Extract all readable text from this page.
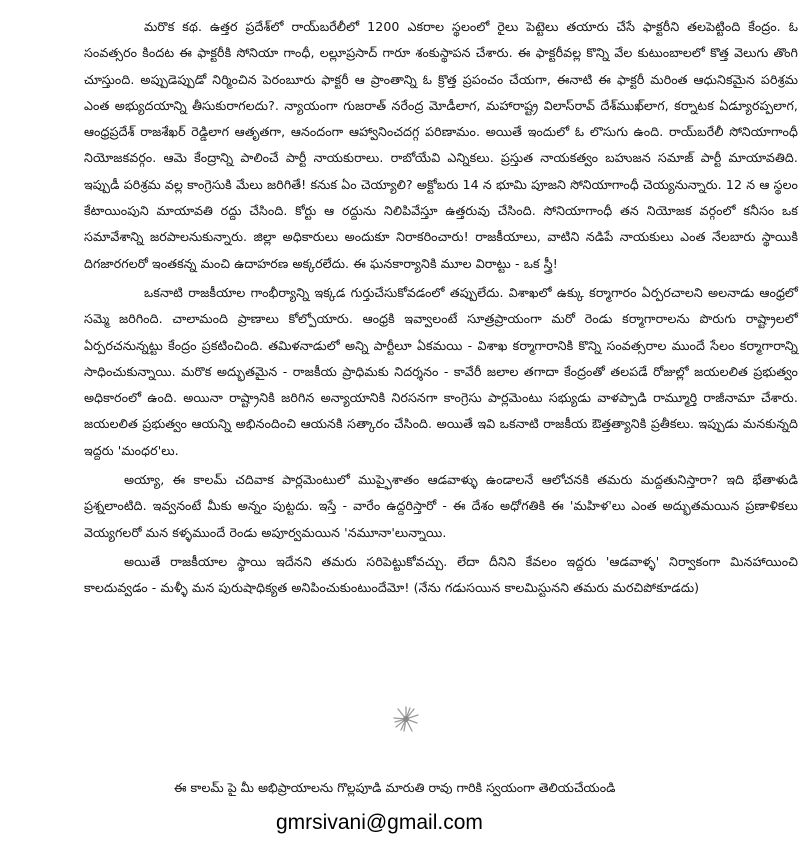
మరొక కథ. ఉత్తర ప్రదేశ్‌లో రాయ్‌బరేలీలో 1200 ఎకరాల స్థలంలో రైలు పెట్టెలు తయారు చేసే ఫాక్టరీని తలపెట్టింది కేంద్రం. ఓ సంవత్సరం కిందట ఈ ఫాక్టరీకి సోనియా గాంధీ, లల్లూప్రసాద్ గారూ శంకుస్థాపన చేశారు. ఈ ఫాక్టరీవల్ల కొన్ని వేల కుటుంబాలలో కొత్త వెలుగు తొంగి చూస్తుంది. అప్పుడెప్పుడో నిర్మించిన పెరంబూరు ఫాక్టరీ ఆ ప్రాంతాన్ని ఓ క్రొత్త ప్రపంచం చేయగా, ఈనాటి ఈ ఫాక్టరీ మరింత ఆధునికమైన పరిశ్రమ ఎంత అభ్యుదయాన్ని తీసుకురాగలదు?. న్యాయంగా గుజరాత్ నరేంద్ర మోడీలాగ, మహారాష్ట్ర విలాస్‌రావ్ దేశ్‌ముఖ్‌లాగ, కర్నాటక ఏడ్యూరప్పలాగ, ఆంధ్రప్రదేశ్ రాజశేఖర్ రెడ్డిలాగ ఆతృతగా, ఆనందంగా ఆహ్వానించదగ్గ పరిణామం. అయితే ఇందులో ఓ లొసుగు ఉంది. రాయ్‌బరేలీ సోనియాగాంధీ నియోజకవర్గం. ఆమె కేంద్రాన్ని పాలించే పార్టీ నాయకురాలు. రాబోయేవి ఎన్నికలు. ప్రస్తుత నాయకత్వం బహుజన సమాజ్ పార్టీ మాయావతిది. ఇప్పుడీ పరిశ్రమ వల్ల కాంగ్రెసుకి మేలు జరిగితే! కనుక ఏం చెయ్యాలి? అక్టోబరు 14 న భూమి పూజని సోనియాగాంధీ చెయ్యనున్నారు. 12 న ఆ స్థలం కేటాయింపుని మాయావతి రద్దు చేసింది. కోర్టు ఆ రద్దును నిలిపివేస్తూ ఉత్తరువు చేసింది. సోనియాగాంధీ తన నియోజక వర్గంలో కనీసం ఒక సమావేశాన్ని జరపాలనుకున్నారు. జిల్లా అధికారులు అందుకూ నిరాకరించారు! రాజకీయాలు, వాటిని నడిపే నాయకులు ఎంత నేలబారు స్థాయికి దిగజారగలరో ఇంతకన్న మంచి ఉదాహరణ అక్కరలేదు. ఈ ఘనకార్యానికి మూల విరాట్టు - ఒక స్త్రీ!

ఒకనాటి రాజకీయాల గాంభీర్యాన్ని ఇక్కడ గుర్తుచేసుకోవడంలో తప్పులేదు. విశాఖలో ఉక్కు కర్మాగారం ఏర్పరచాలని అలనాడు ఆంధ్రలో సమ్మె జరిగింది. చాలామంది ప్రాణాలు కోల్పోయారు. ఆంధ్రకి ఇవ్వాలంటే సూత్రప్రాయంగా మరో రెండు కర్మాగారాలను పొరుగు రాష్ట్రాలలో ఏర్పరచనున్నట్టు కేంద్రం ప్రకటించింది. తమిళనాడులో అన్ని పార్టీలూ ఏకమయి - విశాఖ కర్మాగారానికి కొన్ని సంవత్సరాల ముందే సేలం కర్మాగారాన్ని సాధించుకున్నాయి. మరొక అద్భుతమైన - రాజకీయ ప్రాధిమకు నిదర్శనం - కావేరీ జలాల తగాదా కేంద్రంతో తలపడే రోజుల్లో జయలలిత ప్రభుత్వం అధికారంలో ఉంది. అయినా రాష్ట్రానికి జరిగిన అన్యాయానికి నిరసనగా కాంగ్రెసు పార్లమెంటు సభ్యుడు వాళప్పాడి రామ్మూర్తి రాజీనామా చేశారు. జయలలిత ప్రభుత్వం ఆయన్ని అభినందించి ఆయనకి సత్కారం చేసింది. అయితే ఇవి ఒకనాటి రాజకీయ ఔత్తత్యానికి ప్రతీకలు. ఇప్పుడు మనకున్నది ఇద్దరు 'మంధర'లు.

అయ్యా, ఈ కాలమ్ చదివాక పార్లమెంటులో ముప్ఫైశాతం ఆడవాళ్ళు ఉండాలనే ఆలోచనకి తమరు మద్దతునిస్తారా? ఇది భేతాళుడి ప్రశ్నలాంటిది. ఇవ్వనంటే మీకు అన్నం పుట్టదు. ఇస్తే - వారేం ఉద్దరిస్తారో - ఈ దేశం అధోగతికి ఈ 'మహిళ'లు ఎంత అద్భుతమయిన ప్రణాళికలు వెయ్యగలరో మన కళ్ళముందే రెండు అపూర్వమయిన 'నమూనా'లున్నాయి.

అయితే రాజకీయాల స్థాయి ఇదేనని తమరు సరిపెట్టుకోవచ్చు. లేదా దీనిని కేవలం ఇద్దరు 'ఆడవాళ్ళ' నిర్వాకంగా మినహాయించి కాలదువ్వడం - మళ్ళీ మన పురుషాధిక్యత అనిపించుకుంటుందేమో! (నేను గడుసయిన కాలమిస్టునని తమరు మరచిపోకూడదు)

ఈ కాలమ్ పై మీ అభిప్రాయాలను గొల్లపూడి మారుతి రావు గారికి స్వయంగా తెలియచేయండి
gmrsivani@gmail.com
